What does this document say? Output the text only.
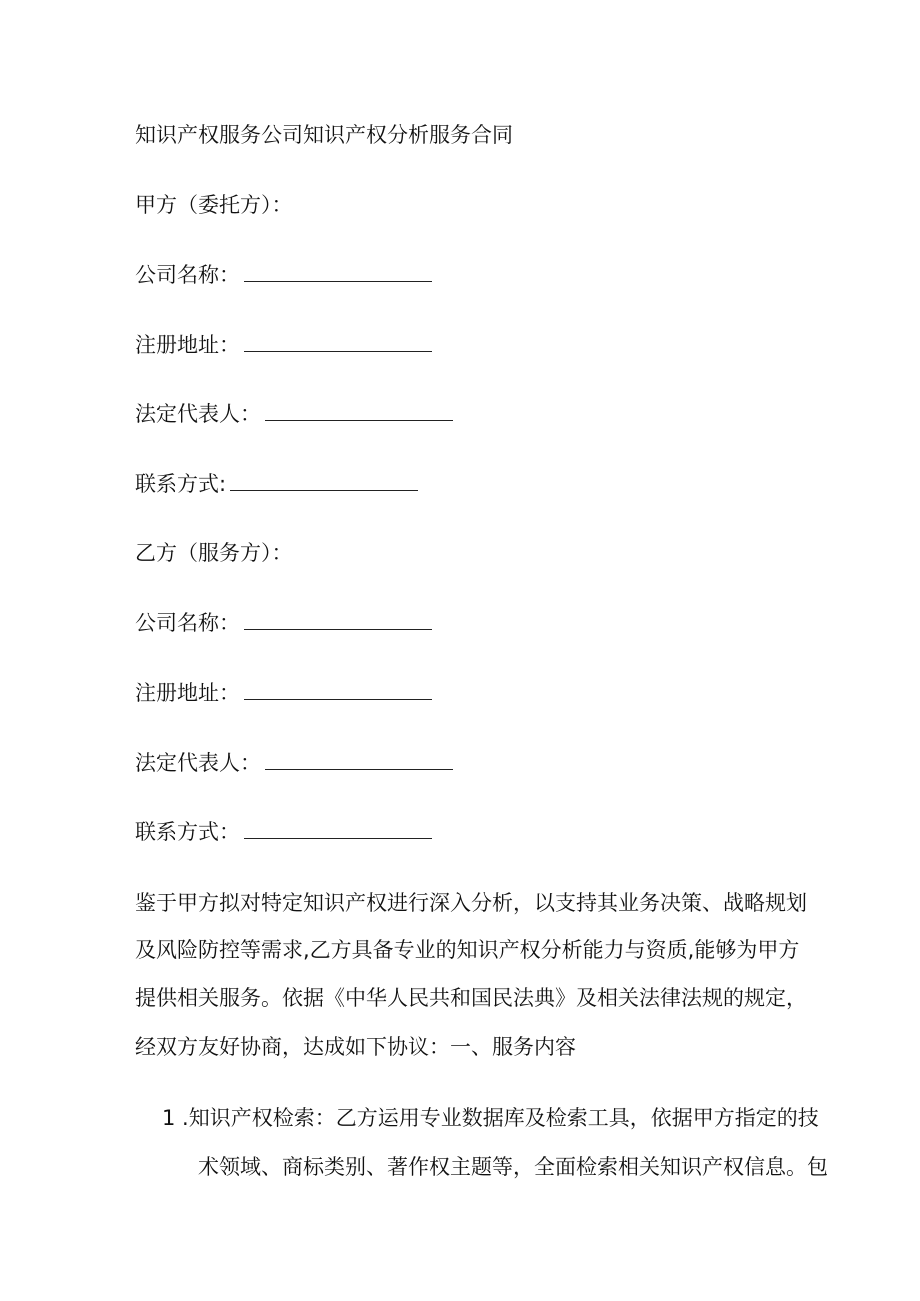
知识产权服务公司知识产权分析服务合同
甲方（委托方）：
公司名称：
注册地址：
法定代表人：
联系方式:
乙方（服务方）：
公司名称：
注册地址：
法定代表人：
联系方式：
鉴于甲方拟对特定知识产权进行深入分析，以支持其业务决策、战略规划
及风险防控等需求,乙方具备专业的知识产权分析能力与资质,能够为甲方
提供相关服务。依据《中华人民共和国民法典》及相关法律法规的规定，
经双方友好协商，达成如下协议：一、服务内容
1 .知识产权检索：乙方运用专业数据库及检索工具，依据甲方指定的技
术领域、商标类别、著作权主题等，全面检索相关知识产权信息。包
